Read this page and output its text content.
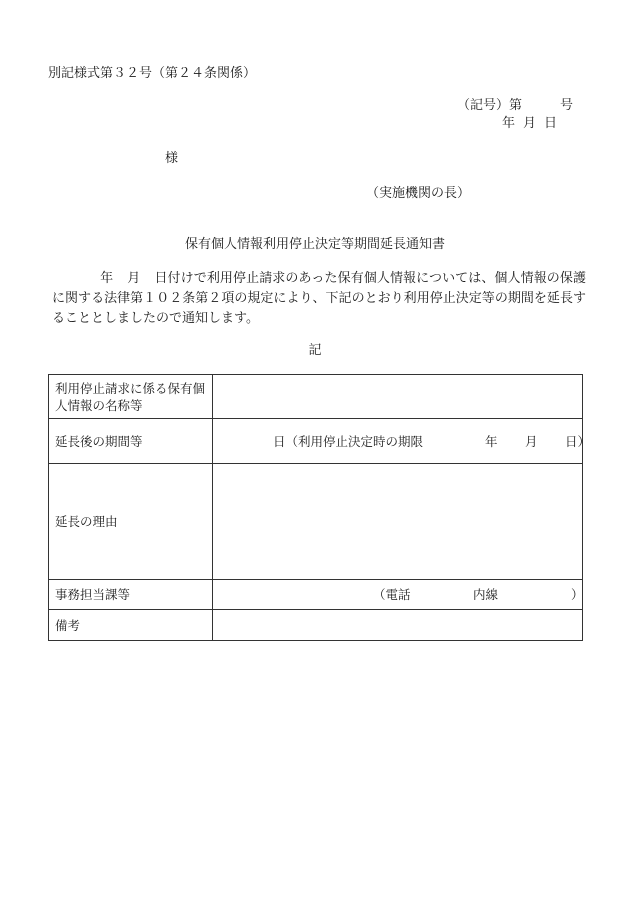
別記様式第３２号（第２４条関係）
（記号）第	号
年 月 日
様
（実施機関の長）
保有個人情報利用停止決定等期間延長通知書
年 月 日付けで利用停止請求のあった保有個人情報については、個人情報の保護に関する法律第１０２条第２項の規定により、下記のとおり利用停止決定等の期間を延長することとしましたので通知します。
記
利用停止請求に係る保有個人情報の名称等	
延長後の期間等	日（利用停止決定時の期限 年 月 日）

延長の理由	
事務担当課等	（電話 内線 ）

備考	
